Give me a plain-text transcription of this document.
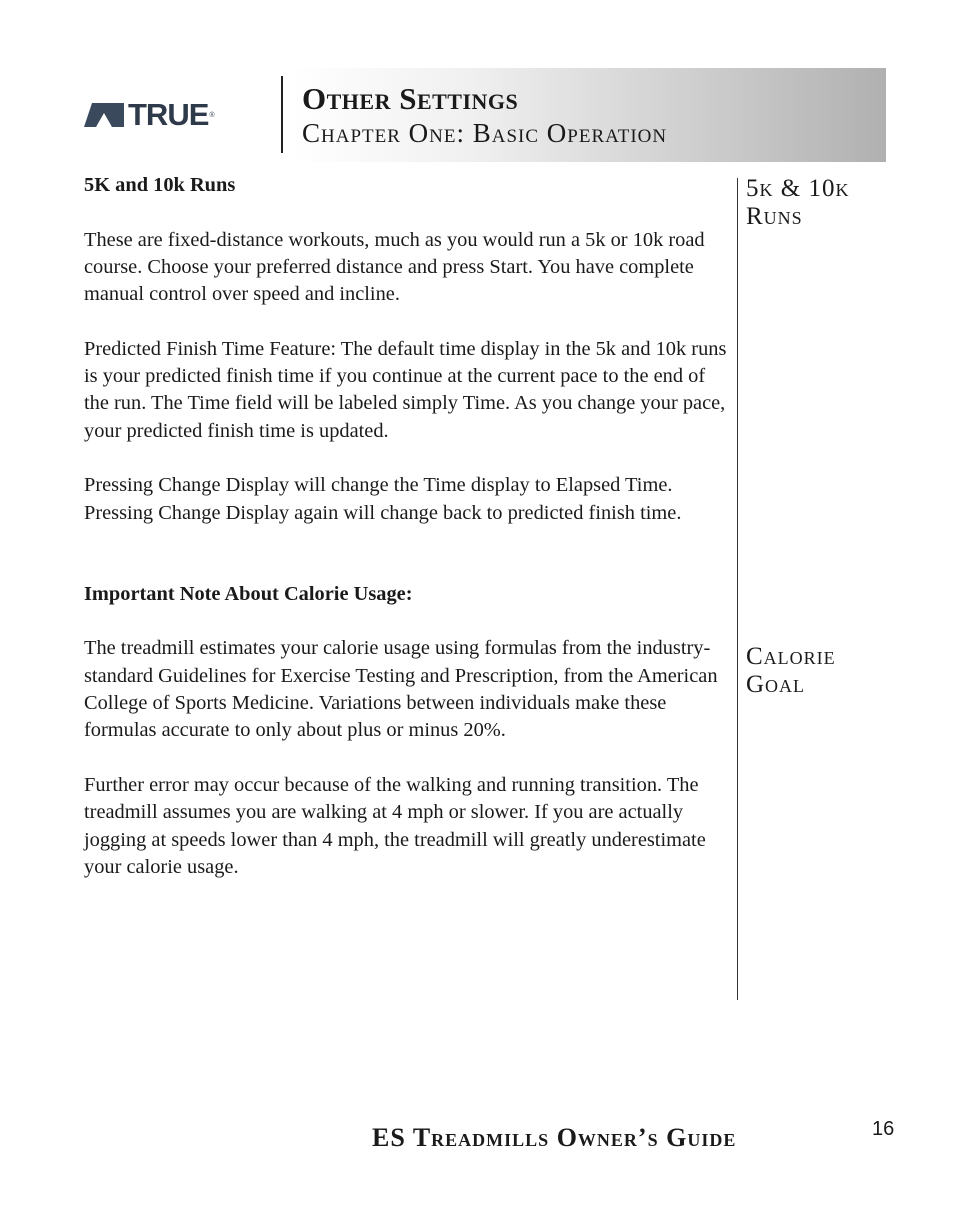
TRUE ®	Other Settings
Chapter One: Basic Operation

5K and 10k Runs

These are fixed-distance workouts, much as you would run a 5k or 10k road course. Choose your preferred distance and press Start. You have complete manual control over speed and incline.

Predicted Finish Time Feature: The default time display in the 5k and 10k runs is your predicted finish time if you continue at the current pace to the end of the run. The Time field will be labeled simply Time. As you change your pace, your predicted finish time is updated.

Pressing Change Display will change the Time display to Elapsed Time. Pressing Change Display again will change back to predicted finish time.

Important Note About Calorie Usage:

The treadmill estimates your calorie usage using formulas from the industry-standard Guidelines for Exercise Testing and Prescription, from the American College of Sports Medicine. Variations between individuals make these formulas accurate to only about plus or minus 20%.

Further error may occur because of the walking and running transition. The treadmill assumes you are walking at 4 mph or slower. If you are actually jogging at speeds lower than 4 mph, the treadmill will greatly underestimate your calorie usage.

5k & 10k Runs

Calorie Goal

ES Treadmills Owner’s Guide	16
